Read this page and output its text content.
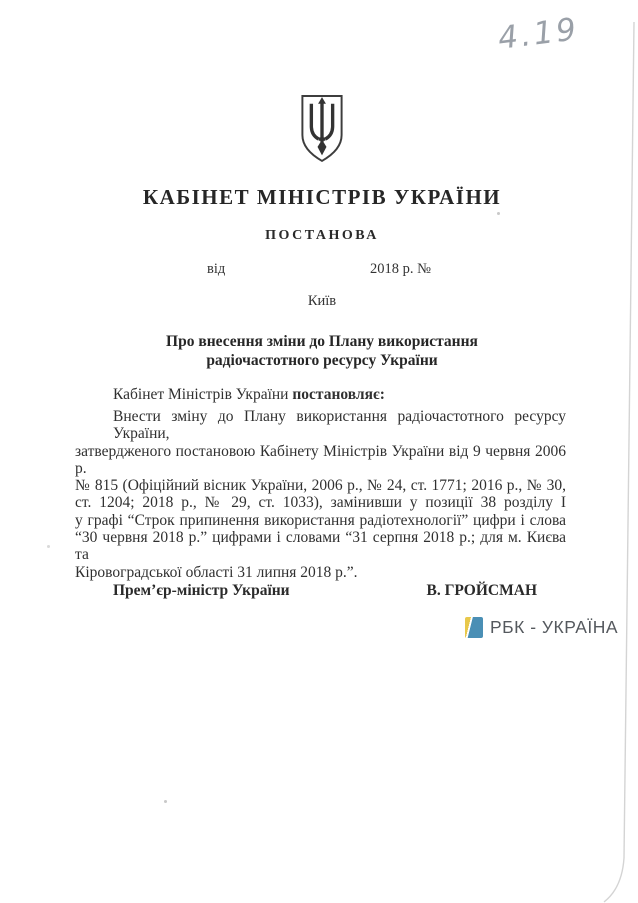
4.19
КАБІНЕТ МІНІСТРІВ УКРАЇНИ
ПОСТАНОВА
від	2018 р. №
Київ
Про внесення зміни до Плану використання
радіочастотного ресурсу України
Кабінет Міністрів України постановляє:
Внести зміну до Плану використання радіочастотного ресурсу України,
затвердженого постановою Кабінету Міністрів України від 9 червня 2006 р.
№ 815 (Офіційний вісник України, 2006 р., № 24, ст. 1771; 2016 р., № 30,
ст. 1204; 2018 р., № 29, ст. 1033), замінивши у позиції 38 розділу І
у графі “Строк припинення використання радіотехнології” цифри і слова
“30 червня 2018 р.” цифрами і словами “31 серпня 2018 р.; для м. Києва та
Кіровоградської області 31 липня 2018 р.”.
Прем’єр-міністр України	В. ГРОЙСМАН
РБК - УКРАЇНА
